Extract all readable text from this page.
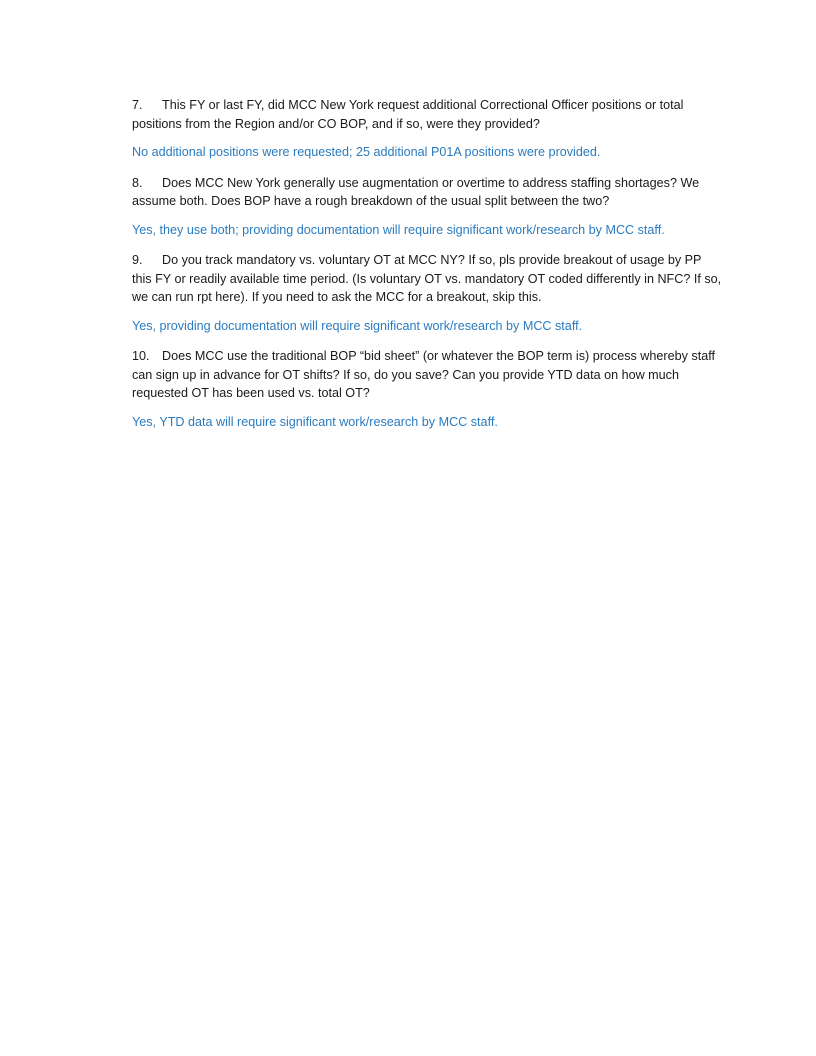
7. This FY or last FY, did MCC New York request additional Correctional Officer positions or total positions from the Region and/or CO BOP, and if so, were they provided?

No additional positions were requested; 25 additional P01A positions were provided.

8. Does MCC New York generally use augmentation or overtime to address staffing shortages? We assume both. Does BOP have a rough breakdown of the usual split between the two?

Yes, they use both; providing documentation will require significant work/research by MCC staff.

9. Do you track mandatory vs. voluntary OT at MCC NY? If so, pls provide breakout of usage by PP this FY or readily available time period. (Is voluntary OT vs. mandatory OT coded differently in NFC? If so, we can run rpt here). If you need to ask the MCC for a breakout, skip this.

Yes, providing documentation will require significant work/research by MCC staff.

10. Does MCC use the traditional BOP “bid sheet” (or whatever the BOP term is) process whereby staff can sign up in advance for OT shifts? If so, do you save? Can you provide YTD data on how much requested OT has been used vs. total OT?

Yes, YTD data will require significant work/research by MCC staff.
